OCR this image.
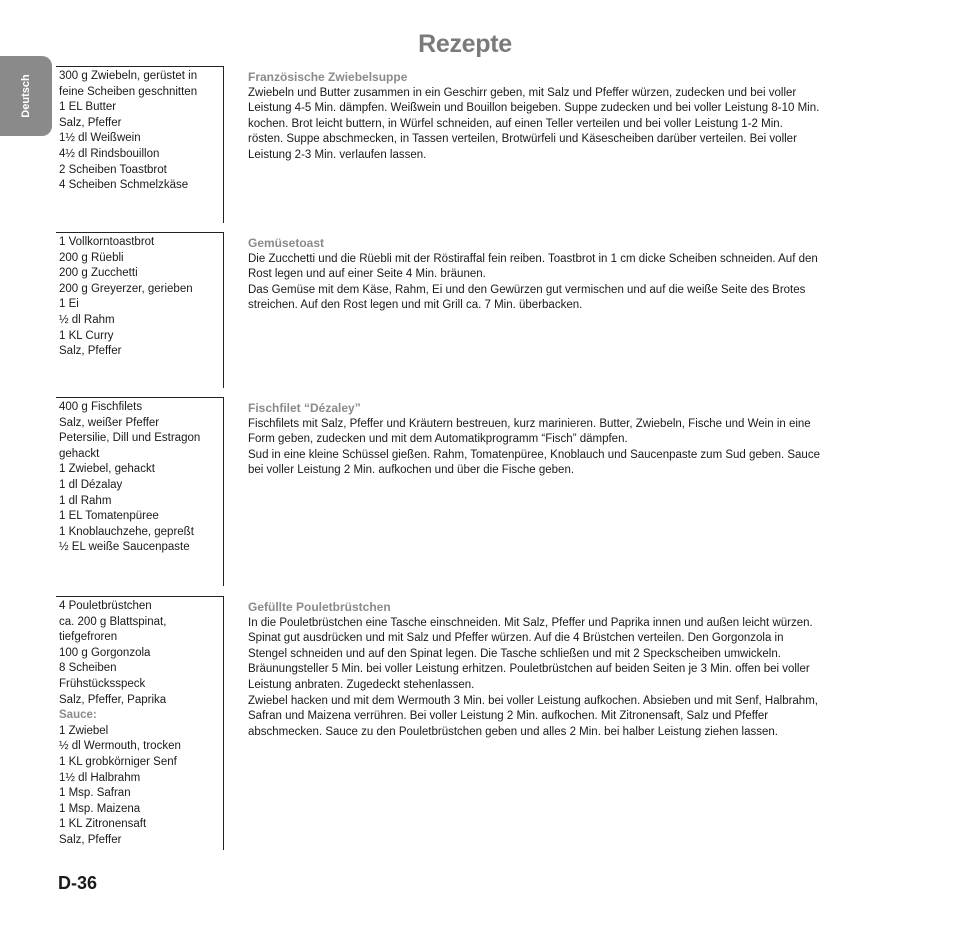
Rezepte
Deutsch 300 g Zwiebeln, gerüstet in
feine Scheiben geschnitten
1 EL Butter
Salz, Pfeffer
1½ dl Weißwein
4½ dl Rindsbouillon
2 Scheiben Toastbrot
4 Scheiben Schmelzkäse
Französische Zwiebelsuppe

Zwiebeln und Butter zusammen in ein Geschirr geben, mit Salz und Pfeffer würzen, zudecken und bei voller
Leistung 4-5 Min. dämpfen. Weißwein und Bouillon beigeben. Suppe zudecken und bei voller Leistung 8-10 Min.
kochen. Brot leicht buttern, in Würfel schneiden, auf einen Teller verteilen und bei voller Leistung 1-2 Min.
rösten. Suppe abschmecken, in Tassen verteilen, Brotwürfeli und Käsescheiben darüber verteilen. Bei voller
Leistung 2-3 Min. verlaufen lassen.

1 Vollkorntoastbrot
200 g Rüebli
200 g Zucchetti
200 g Greyerzer, gerieben
1 Ei
½ dl Rahm
1 KL Curry
Salz, Pfeffer
Gemüsetoast

Die Zucchetti und die Rüebli mit der Röstiraffal fein reiben. Toastbrot in 1 cm dicke Scheiben schneiden. Auf den
Rost legen und auf einer Seite 4 Min. bräunen.
Das Gemüse mit dem Käse, Rahm, Ei und den Gewürzen gut vermischen und auf die weiße Seite des Brotes
streichen. Auf den Rost legen und mit Grill ca. 7 Min. überbacken.

400 g Fischfilets
Salz, weißer Pfeffer
Petersilie, Dill und Estragon
gehackt
1 Zwiebel, gehackt
1 dl Dézalay
1 dl Rahm
1 EL Tomatenpüree
1 Knoblauchzehe, gepreßt
½ EL weiße Saucenpaste
Fischfilet “Dézaley”

Fischfilets mit Salz, Pfeffer und Kräutern bestreuen, kurz marinieren. Butter, Zwiebeln, Fische und Wein in eine
Form geben, zudecken und mit dem Automatikprogramm “Fisch” dämpfen.
Sud in eine kleine Schüssel gießen. Rahm, Tomatenpüree, Knoblauch und Saucenpaste zum Sud geben. Sauce
bei voller Leistung 2 Min. aufkochen und über die Fische geben.

4 Pouletbrüstchen
ca. 200 g Blattspinat,
tiefgefroren
100 g Gorgonzola
8 Scheiben
Frühstücksspeck
Salz, Pfeffer, Paprika
Sauce:
1 Zwiebel
½ dl Wermouth, trocken
1 KL grobkörniger Senf
1½ dl Halbrahm
1 Msp. Safran
1 Msp. Maizena
1 KL Zitronensaft
Salz, Pfeffer
Gefüllte Pouletbrüstchen

In die Pouletbrüstchen eine Tasche einschneiden. Mit Salz, Pfeffer und Paprika innen und außen leicht würzen.
Spinat gut ausdrücken und mit Salz und Pfeffer würzen. Auf die 4 Brüstchen verteilen. Den Gorgonzola in
Stengel schneiden und auf den Spinat legen. Die Tasche schließen und mit 2 Speckscheiben umwickeln.
Bräunungsteller 5 Min. bei voller Leistung erhitzen. Pouletbrüstchen auf beiden Seiten je 3 Min. offen bei voller
Leistung anbraten. Zugedeckt stehenlassen.
Zwiebel hacken und mit dem Wermouth 3 Min. bei voller Leistung aufkochen. Absieben und mit Senf, Halbrahm,
Safran und Maizena verrühren. Bei voller Leistung 2 Min. aufkochen. Mit Zitronensaft, Salz und Pfeffer
abschmecken. Sauce zu den Pouletbrüstchen geben und alles 2 Min. bei halber Leistung ziehen lassen.

D-36
